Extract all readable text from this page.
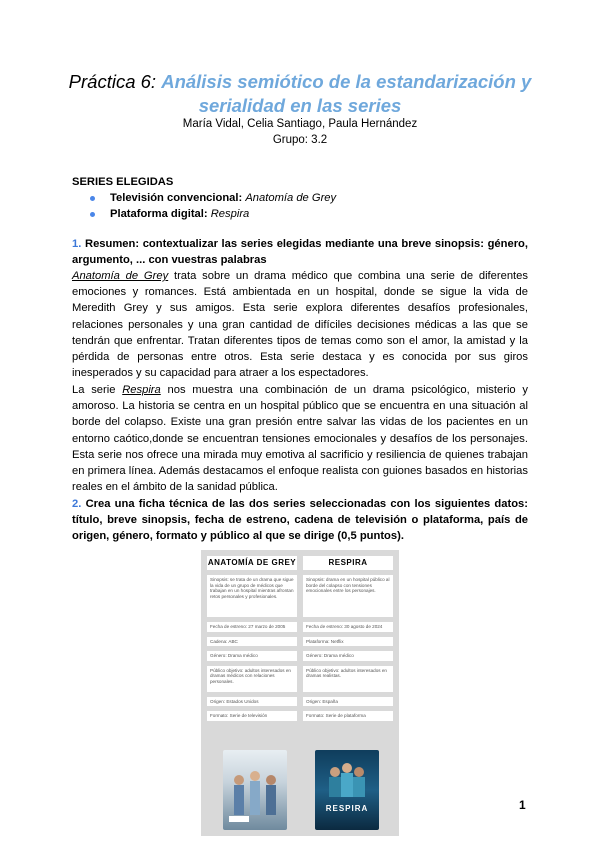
Práctica 6: Análisis semiótico de la estandarización y serialidad en las series
María Vidal, Celia Santiago, Paula Hernández
Grupo: 3.2
SERIES ELEGIDAS
Televisión convencional: Anatomía de Grey
Plataforma digital: Respira
1. Resumen: contextualizar las series elegidas mediante una breve sinopsis: género, argumento, ... con vuestras palabras
Anatomía de Grey trata sobre un drama médico que combina una serie de diferentes emociones y romances. Está ambientada en un hospital, donde se sigue la vida de Meredith Grey y sus amigos. Esta serie explora diferentes desafíos profesionales, relaciones personales y una gran cantidad de difíciles decisiones médicas a las que se tendrán que enfrentar. Tratan diferentes tipos de temas como son el amor, la amistad y la pérdida de personas entre otros. Esta serie destaca y es conocida por sus giros inesperados y su capacidad para atraer a los espectadores.
La serie Respira nos muestra una combinación de un drama psicológico, misterio y amoroso. La historia se centra en un hospital público que se encuentra en una situación al borde del colapso. Existe una gran presión entre salvar las vidas de los pacientes en un entorno caótico,donde se encuentran tensiones emocionales y desafíos de los personajes. Esta serie nos ofrece una mirada muy emotiva al sacrificio y resiliencia de quienes trabajan en primera línea. Además destacamos el enfoque realista con guiones basados en historias reales en el ámbito de la sanidad pública.
2. Crea una ficha técnica de las dos series seleccionadas con los siguientes datos: título, breve sinopsis, fecha de estreno, cadena de televisión o plataforma, país de origen, género, formato y público al que se dirige (0,5 puntos).
ANATOMÍA DE GREY
Sinopsis: se trata de un drama que sigue la vida de un grupo de médicos que trabajan en un hospital mientras afrontan retos personales y profesionales.
Fecha de estreno: 27 marzo de 2005
Cadena: ABC
Género: Drama médico
Público objetivo: adultos interesados en dramas médicos con relaciones personales.
Origen: Estados Unidos
Formato: Serie de televisión
RESPIRA
Sinopsis: drama en un hospital público al borde del colapso con tensiones emocionales entre los personajes.
Fecha de estreno: 30 agosto de 2024
Plataforma: Netflix
Género: Drama médico
Público objetivo: adultos interesados en dramas realistas.
Origen: España
Formato: Serie de plataforma
RESPIRA	1
